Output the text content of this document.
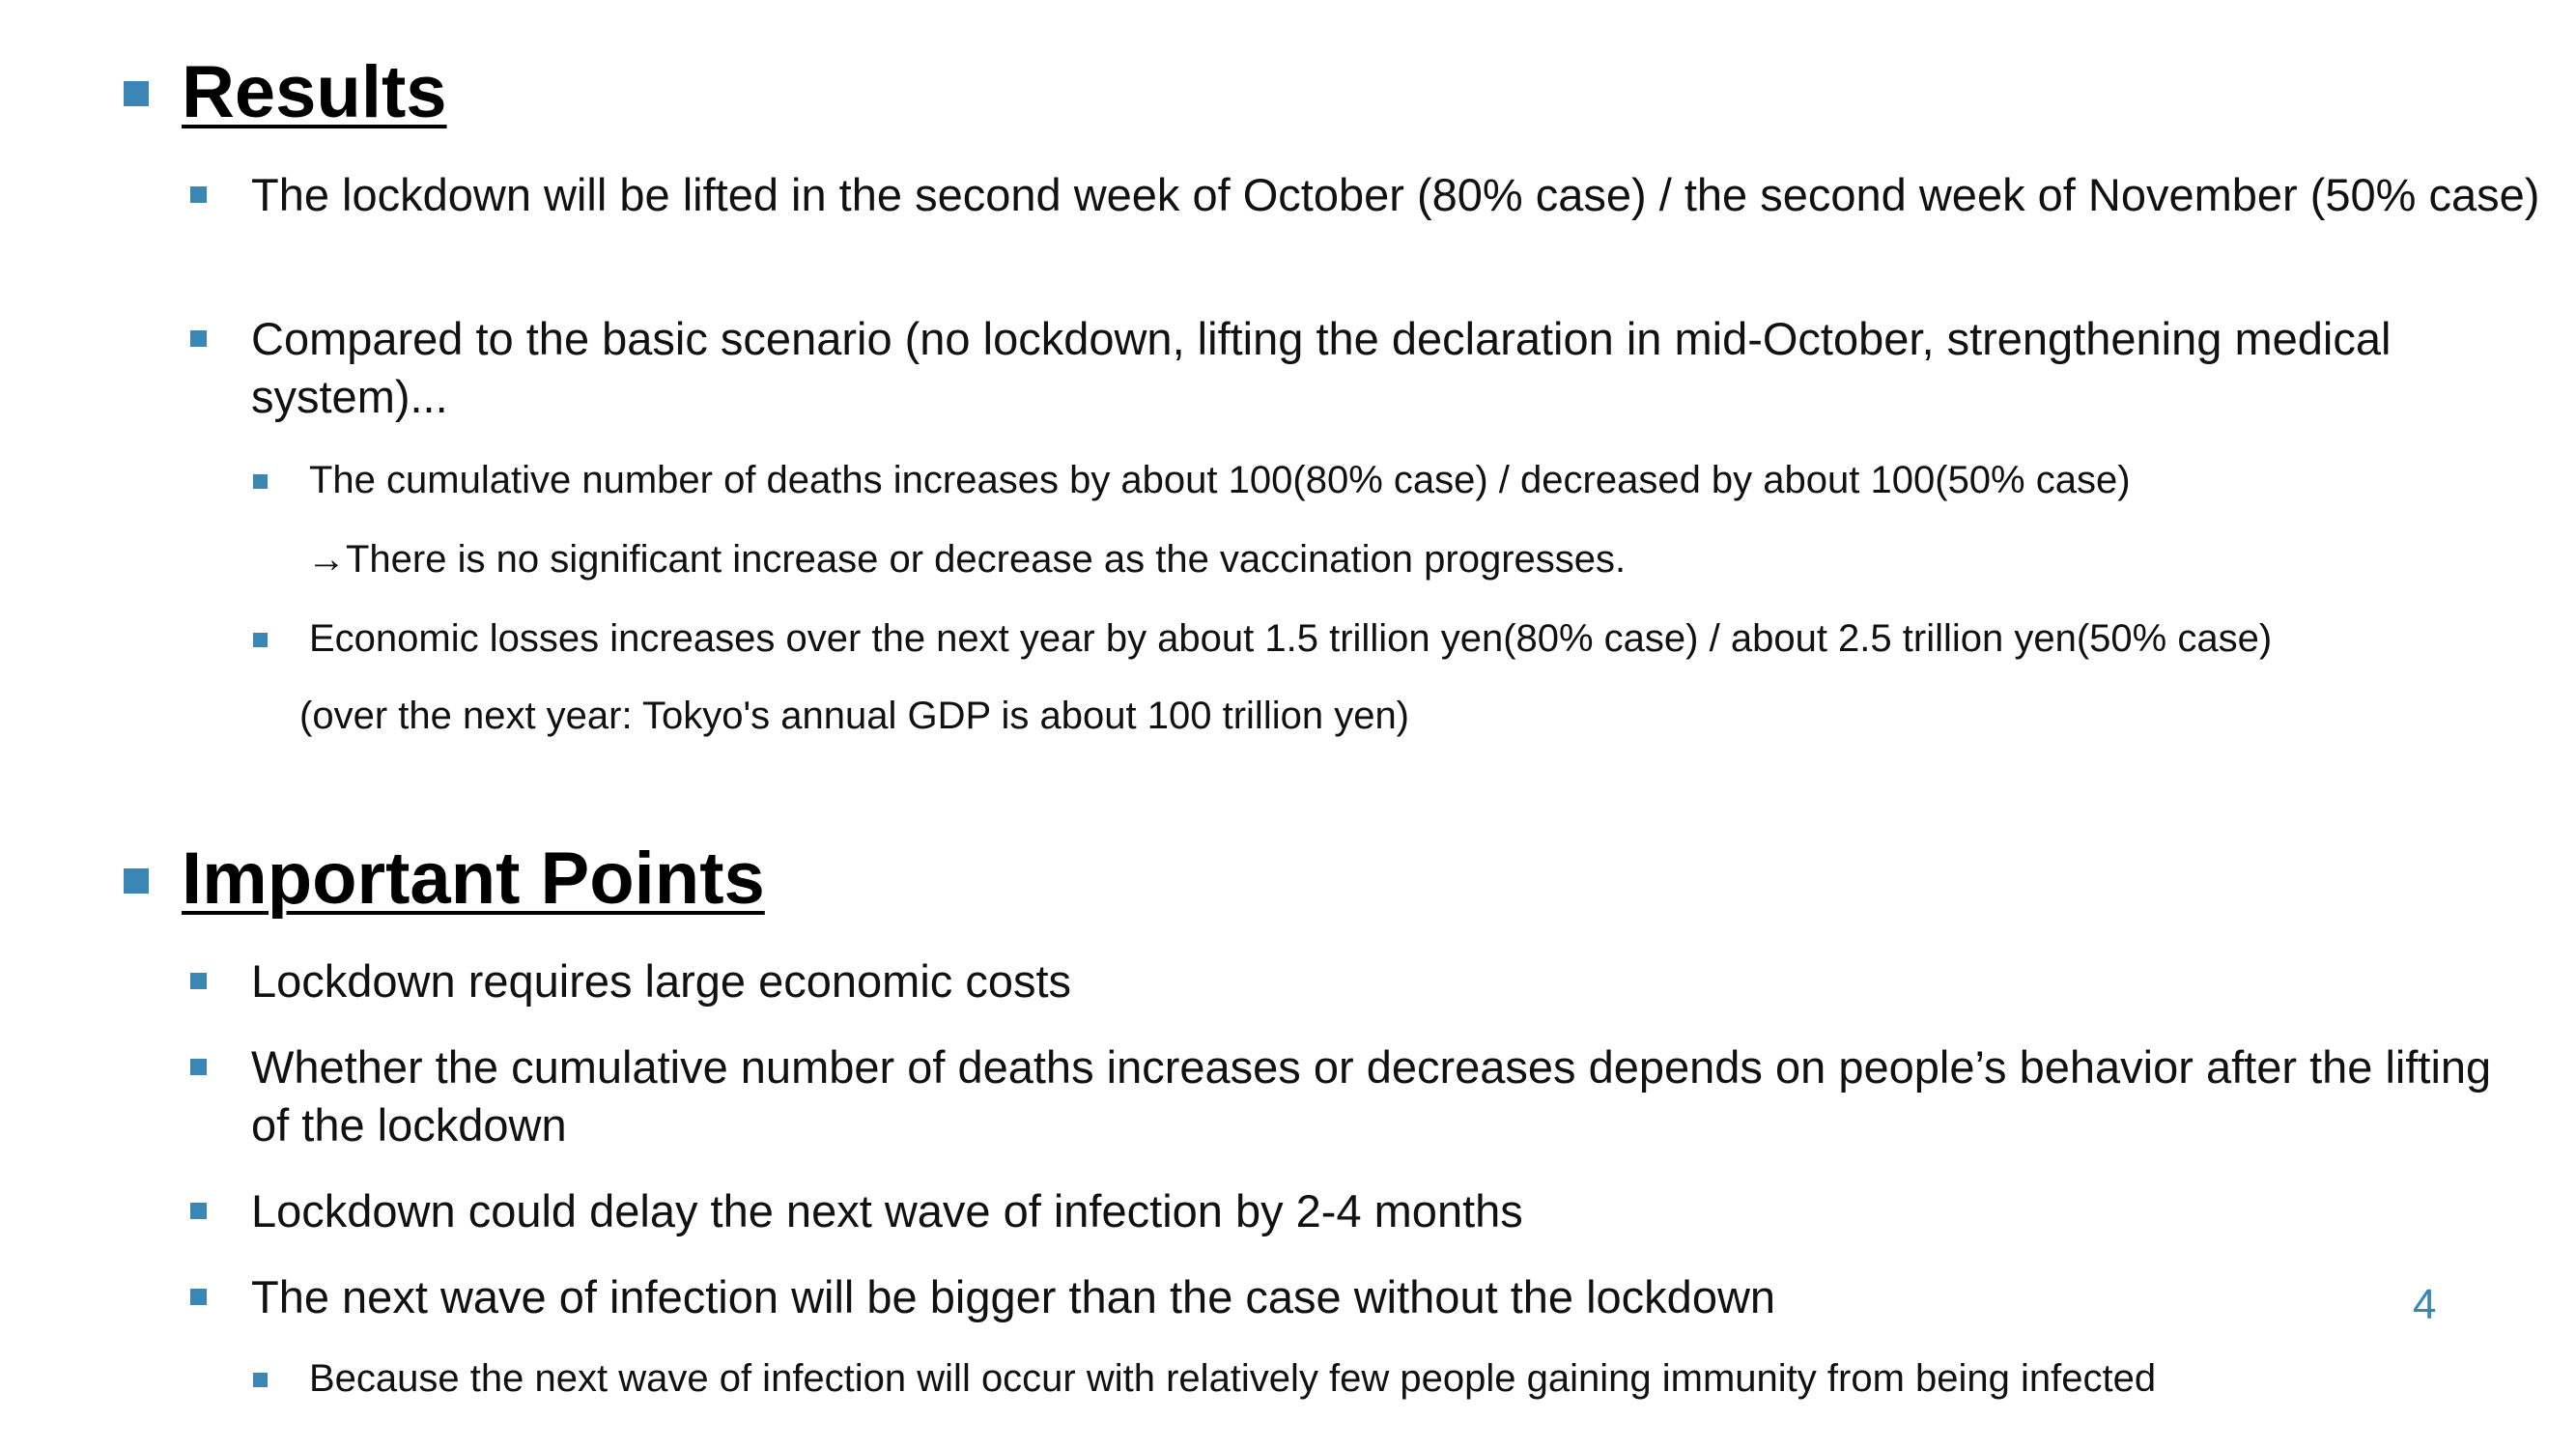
Results
The lockdown will be lifted in the second week of October (80% case) / the second week of November (50% case)
Compared to the basic scenario (no lockdown, lifting the declaration in mid-October, strengthening medical system)...
The cumulative number of deaths increases by about 100(80% case) / decreased by about 100(50% case)
→There is no significant increase or decrease as the vaccination progresses.
Economic losses increases over the next year by about 1.5 trillion yen(80% case) / about 2.5 trillion yen(50% case)
(over the next year: Tokyo's annual GDP is about 100 trillion yen)
Important Points
Lockdown requires large economic costs
Whether the cumulative number of deaths increases or decreases depends on people’s behavior after the lifting of the lockdown
Lockdown could delay the next wave of infection by 2-4 months
The next wave of infection will be bigger than the case without the lockdown
Because the next wave of infection will occur with relatively few people gaining immunity from being infected
4
